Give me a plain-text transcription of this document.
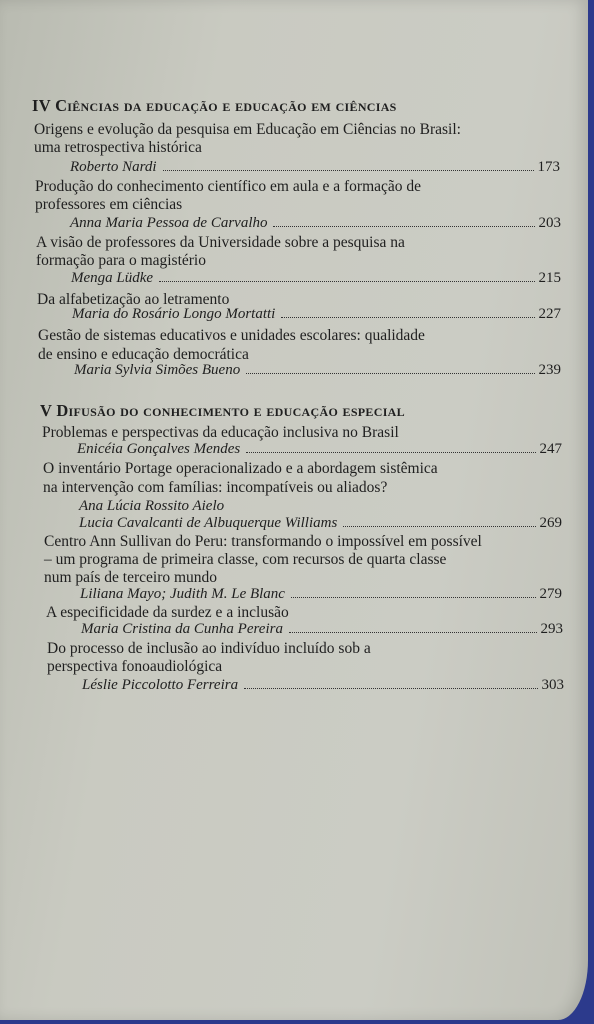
IV Ciências da educação e educação em ciências
Origens e evolução da pesquisa em Educação em Ciências no Brasil:
uma retrospectiva histórica
Roberto Nardi	173
Produção do conhecimento científico em aula e a formação de
professores em ciências
Anna Maria Pessoa de Carvalho	203
A visão de professores da Universidade sobre a pesquisa na
formação para o magistério
Menga Lüdke	215
Da alfabetização ao letramento
Maria do Rosário Longo Mortatti	227
Gestão de sistemas educativos e unidades escolares: qualidade
de ensino e educação democrática
Maria Sylvia Simões Bueno	239
V Difusão do conhecimento e educação especial
Problemas e perspectivas da educação inclusiva no Brasil
Enicéia Gonçalves Mendes	247
O inventário Portage operacionalizado e a abordagem sistêmica
na intervenção com famílias: incompatíveis ou aliados?
Ana Lúcia Rossito Aielo
Lucia Cavalcanti de Albuquerque Williams	269
Centro Ann Sullivan do Peru: transformando o impossível em possível
– um programa de primeira classe, com recursos de quarta classe
num país de terceiro mundo
Liliana Mayo; Judith M. Le Blanc	279
A especificidade da surdez e a inclusão
Maria Cristina da Cunha Pereira	293
Do processo de inclusão ao indivíduo incluído sob a
perspectiva fonoaudiológica
Léslie Piccolotto Ferreira	303
